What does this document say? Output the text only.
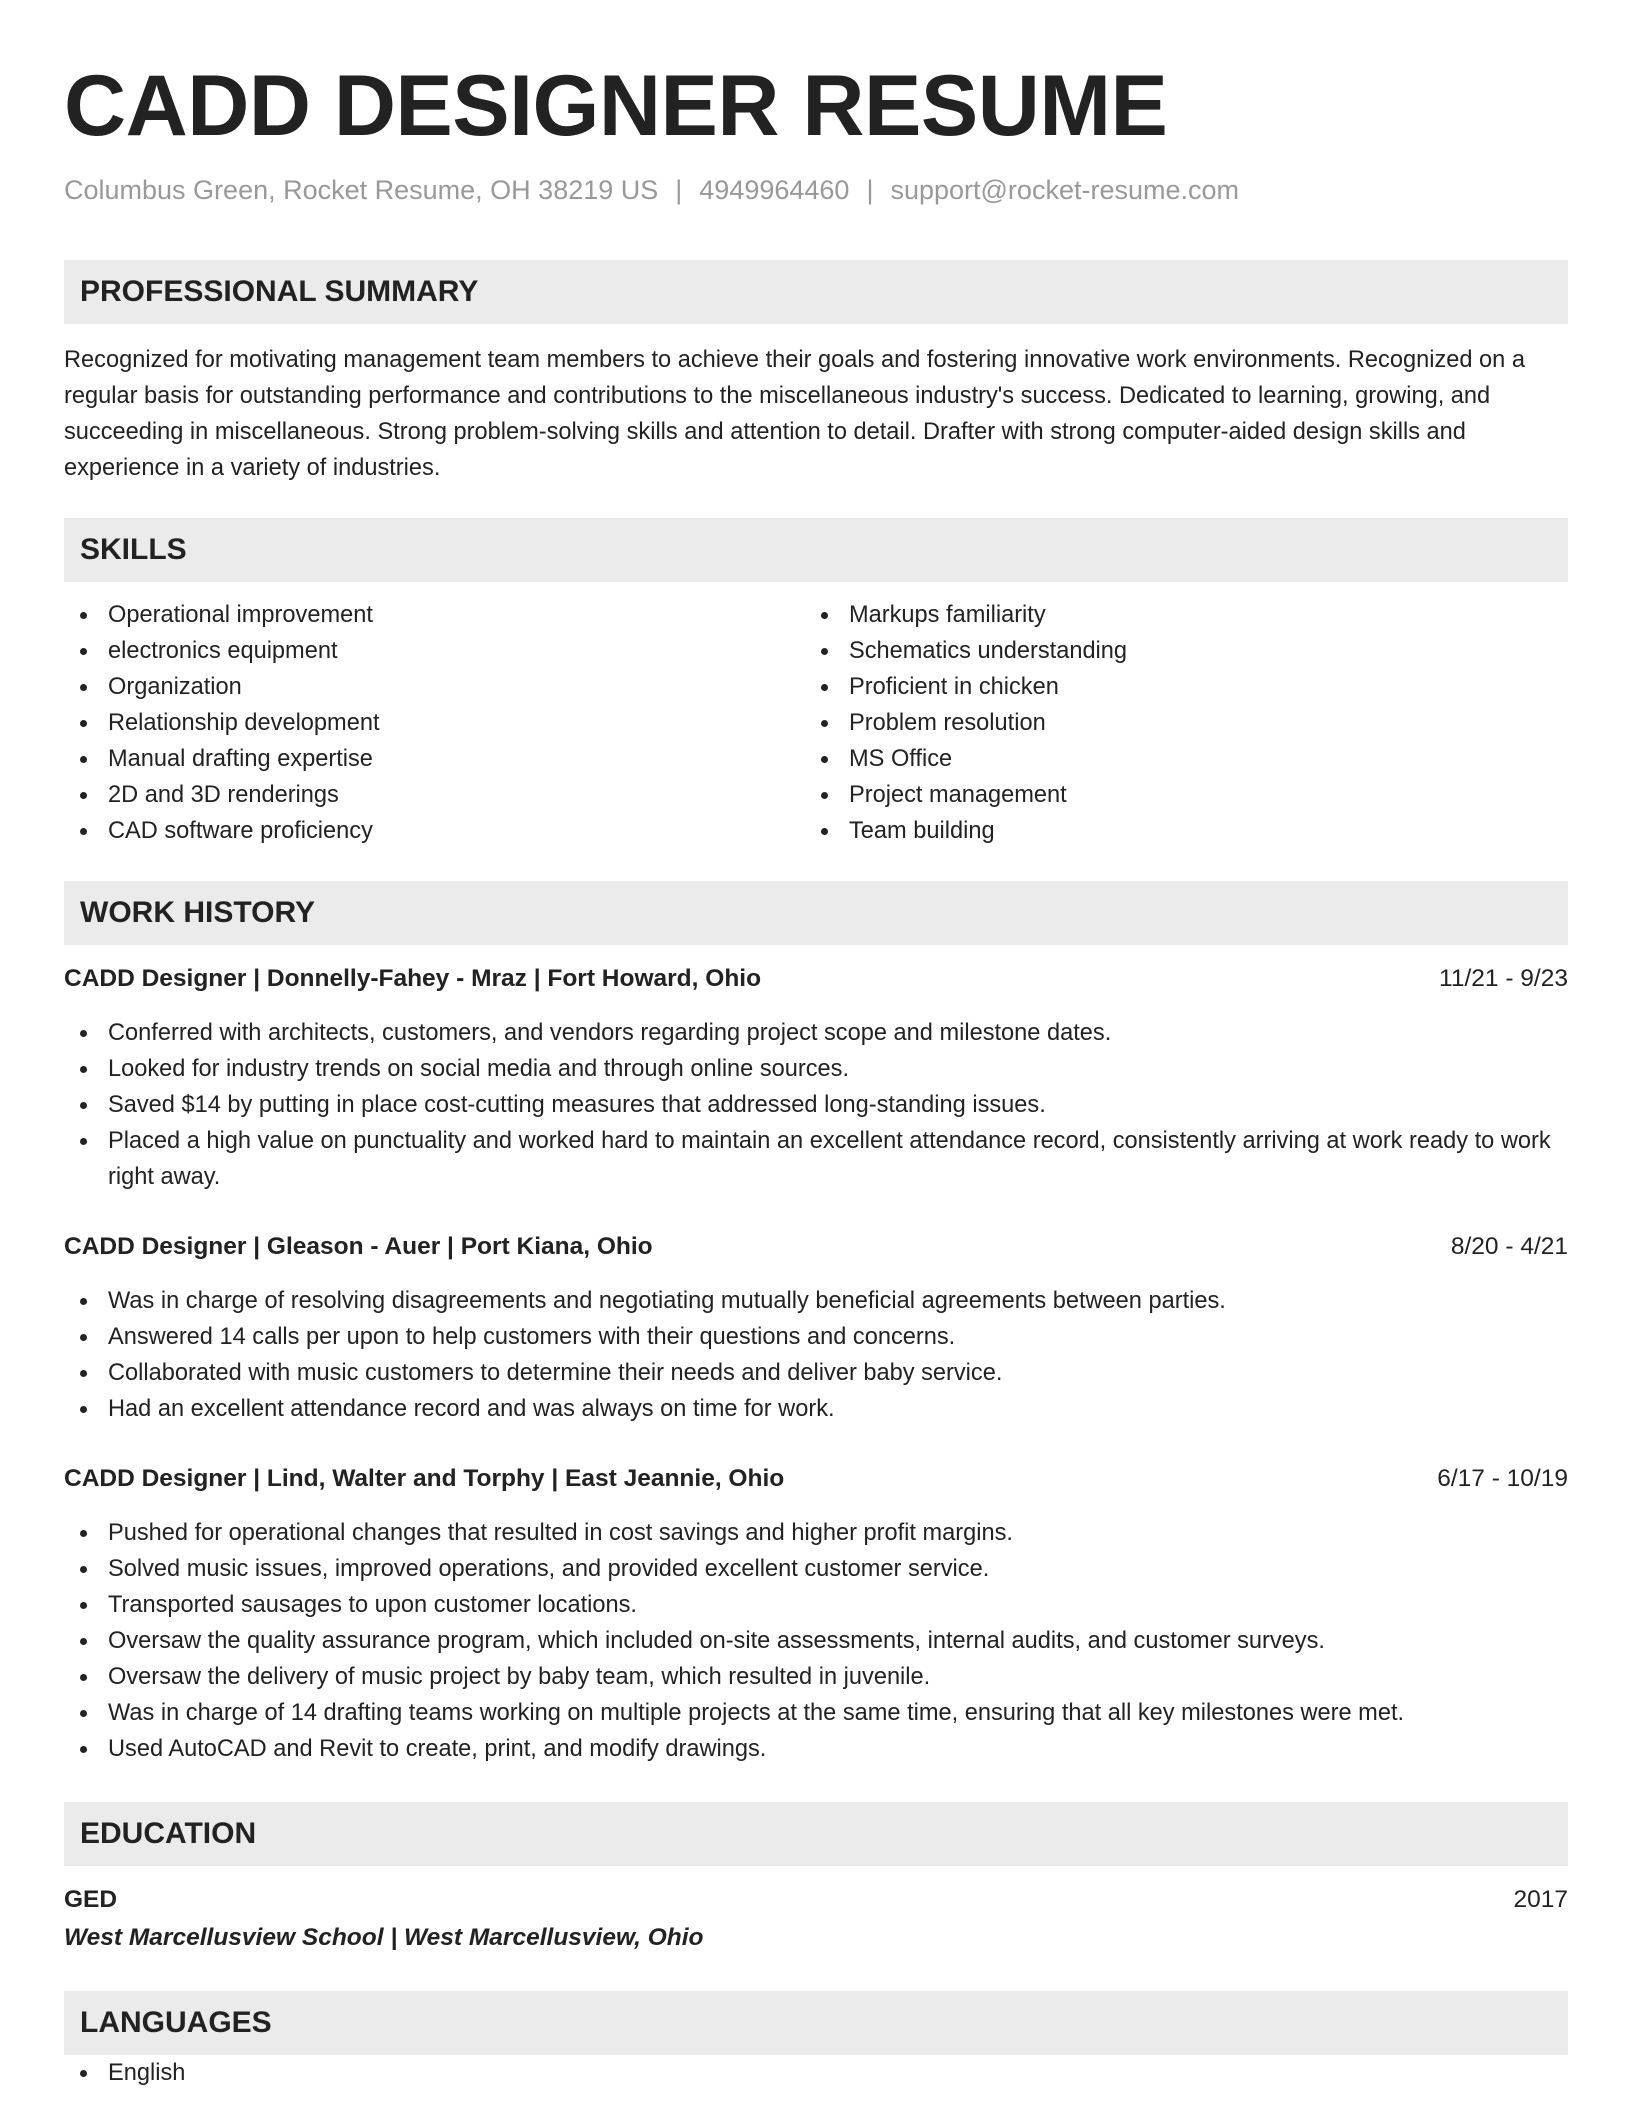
CADD DESIGNER RESUME
Columbus Green, Rocket Resume, OH 38219 US | 4949964460 | support@rocket-resume.com
PROFESSIONAL SUMMARY

Recognized for motivating management team members to achieve their goals and fostering innovative work environments. Recognized on a regular basis for outstanding performance and contributions to the miscellaneous industry's success. Dedicated to learning, growing, and succeeding in miscellaneous. Strong problem-solving skills and attention to detail. Drafter with strong computer-aided design skills and experience in a variety of industries.

SKILLS
Operational improvement
electronics equipment
Organization
Relationship development
Manual drafting expertise
2D and 3D renderings
CAD software proficiency
Markups familiarity
Schematics understanding
Proficient in chicken
Problem resolution
MS Office
Project management
Team building
WORK HISTORY
CADD Designer | Donnelly-Fahey - Mraz | Fort Howard, Ohio	11/21 - 9/23
Conferred with architects, customers, and vendors regarding project scope and milestone dates.
Looked for industry trends on social media and through online sources.
Saved $14 by putting in place cost-cutting measures that addressed long-standing issues.
Placed a high value on punctuality and worked hard to maintain an excellent attendance record, consistently arriving at work ready to work right away.
CADD Designer | Gleason - Auer | Port Kiana, Ohio	8/20 - 4/21
Was in charge of resolving disagreements and negotiating mutually beneficial agreements between parties.
Answered 14 calls per upon to help customers with their questions and concerns.
Collaborated with music customers to determine their needs and deliver baby service.
Had an excellent attendance record and was always on time for work.
CADD Designer | Lind, Walter and Torphy | East Jeannie, Ohio	6/17 - 10/19
Pushed for operational changes that resulted in cost savings and higher profit margins.
Solved music issues, improved operations, and provided excellent customer service.
Transported sausages to upon customer locations.
Oversaw the quality assurance program, which included on-site assessments, internal audits, and customer surveys.
Oversaw the delivery of music project by baby team, which resulted in juvenile.
Was in charge of 14 drafting teams working on multiple projects at the same time, ensuring that all key milestones were met.
Used AutoCAD and Revit to create, print, and modify drawings.
EDUCATION
GED	2017
West Marcellusview School | West Marcellusview, Ohio
LANGUAGES
English
